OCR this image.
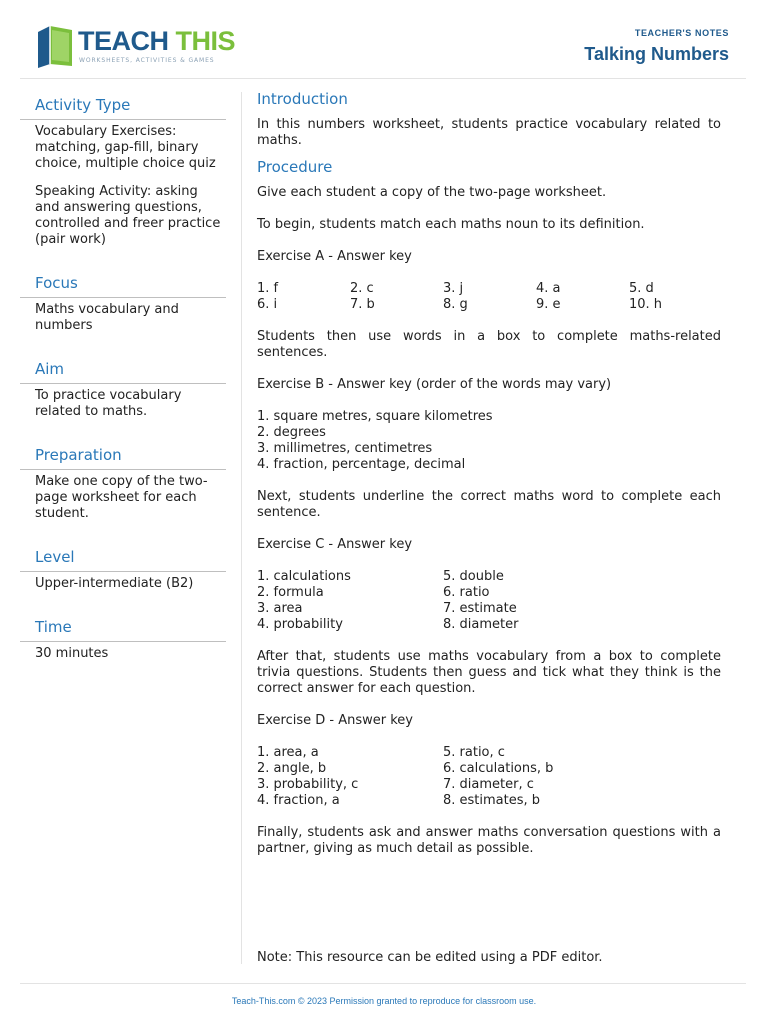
TEACH THIS
WORKSHEETS, ACTIVITIES & GAMES
TEACHER'S NOTES
Talking Numbers
Activity Type

Vocabulary Exercises: matching, gap-fill, binary choice, multiple choice quiz

Speaking Activity: asking and answering questions, controlled and freer practice (pair work)

Focus

Maths vocabulary and numbers

Aim

To practice vocabulary related to maths.

Preparation

Make one copy of the two-page worksheet for each student.

Level

Upper-intermediate (B2)

Time

30 minutes

Introduction

In this numbers worksheet, students practice vocabulary related to maths.

Procedure

Give each student a copy of the two-page worksheet.

To begin, students match each maths noun to its definition.

Exercise A - Answer key

1. f	2. c	3. j	4. a	5. d
6. i	7. b	8. g	9. e	10. h

Students then use words in a box to complete maths-related sentences.

Exercise B - Answer key (order of the words may vary)

1. square metres, square kilometres
2. degrees
3. millimetres, centimetres
4. fraction, percentage, decimal

Next, students underline the correct maths word to complete each sentence.

Exercise C - Answer key

1. calculations	5. double
2. formula	6. ratio
3. area	7. estimate
4. probability	8. diameter

After that, students use maths vocabulary from a box to complete trivia questions. Students then guess and tick what they think is the correct answer for each question.

Exercise D - Answer key

1. area, a	5. ratio, c
2. angle, b	6. calculations, b
3. probability, c	7. diameter, c
4. fraction, a	8. estimates, b

Finally, students ask and answer maths conversation questions with a partner, giving as much detail as possible.

Note: This resource can be edited using a PDF editor.
Teach-This.com © 2023 Permission granted to reproduce for classroom use.
